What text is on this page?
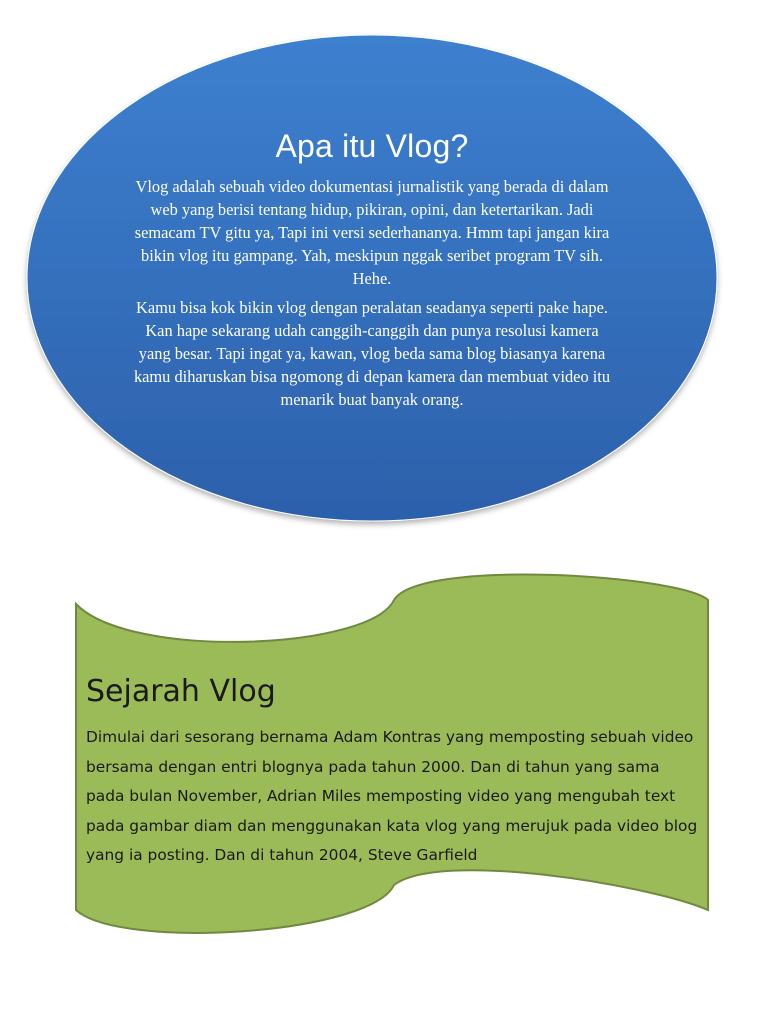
Apa itu Vlog?

Vlog adalah sebuah video dokumentasi jurnalistik yang berada di dalam web yang berisi tentang hidup, pikiran, opini, dan ketertarikan. Jadi semacam TV gitu ya, Tapi ini versi sederhananya. Hmm tapi jangan kira bikin vlog itu gampang. Yah, meskipun nggak seribet program TV sih. Hehe.

Kamu bisa kok bikin vlog dengan peralatan seadanya seperti pake hape. Kan hape sekarang udah canggih-canggih dan punya resolusi kamera yang besar. Tapi ingat ya, kawan, vlog beda sama blog biasanya karena kamu diharuskan bisa ngomong di depan kamera dan membuat video itu menarik buat banyak orang.

Sejarah Vlog

Dimulai dari sesorang bernama Adam Kontras yang memposting sebuah video bersama dengan entri blognya pada tahun 2000. Dan di tahun yang sama pada bulan November, Adrian Miles memposting video yang mengubah text pada gambar diam dan menggunakan kata vlog yang merujuk pada video blog yang ia posting. Dan di tahun 2004, Steve Garfield
